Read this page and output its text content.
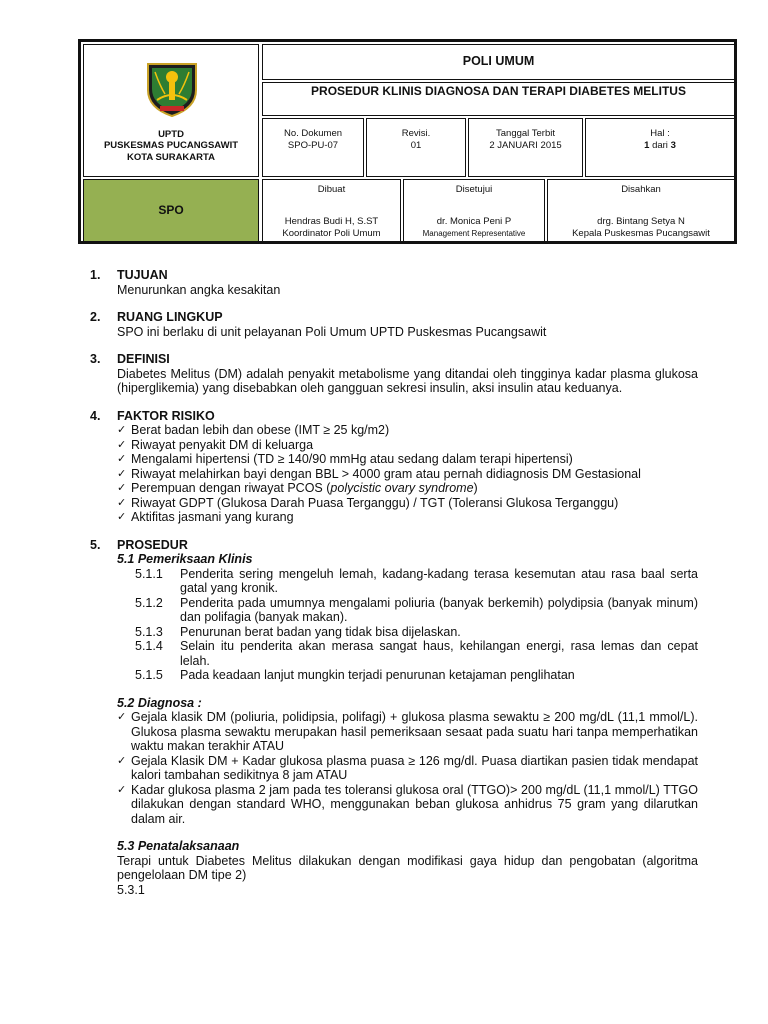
UPTD
PUSKESMAS PUCANGSAWIT
KOTA SURAKARTA
SPO
POLI UMUM
PROSEDUR KLINIS DIAGNOSA DAN TERAPI DIABETES MELITUS
No. Dokumen
SPO-PU-07
Revisi.
01
Tanggal Terbit
2 JANUARI 2015
Hal :
1 dari 3
Dibuat
Hendras Budi H, S.ST
Koordinator Poli Umum
Disetujui
dr. Monica Peni P
Management Representative
Disahkan
drg. Bintang Setya N
Kepala Puskesmas Pucangsawit
1. TUJUAN
Menurunkan angka kesakitan
2. RUANG LINGKUP
SPO ini berlaku di unit pelayanan Poli Umum UPTD Puskesmas Pucangsawit
3. DEFINISI
Diabetes Melitus (DM) adalah penyakit metabolisme yang ditandai oleh tingginya kadar plasma glukosa (hiperglikemia) yang disebabkan oleh gangguan sekresi insulin, aksi insulin atau keduanya.
4. FAKTOR RISIKO
✓ Berat badan lebih dan obese (IMT ≥ 25 kg/m2)
✓ Riwayat penyakit DM di keluarga
✓ Mengalami hipertensi (TD ≥ 140/90 mmHg atau sedang dalam terapi hipertensi)
✓ Riwayat melahirkan bayi dengan BBL > 4000 gram atau pernah didiagnosis DM Gestasional
✓ Perempuan dengan riwayat PCOS (polycistic ovary syndrome)
✓ Riwayat GDPT (Glukosa Darah Puasa Terganggu) / TGT (Toleransi Glukosa Terganggu)
✓ Aktifitas jasmani yang kurang
5. PROSEDUR
5.1 Pemeriksaan Klinis
5.1.1 Penderita sering mengeluh lemah, kadang-kadang terasa kesemutan atau rasa baal serta gatal yang kronik.
5.1.2 Penderita pada umumnya mengalami poliuria (banyak berkemih) polydipsia (banyak minum) dan polifagia (banyak makan).
5.1.3 Penurunan berat badan yang tidak bisa dijelaskan.
5.1.4 Selain itu penderita akan merasa sangat haus, kehilangan energi, rasa lemas dan cepat lelah.
5.1.5 Pada keadaan lanjut mungkin terjadi penurunan ketajaman penglihatan
5.2 Diagnosa :
✓ Gejala klasik DM (poliuria, polidipsia, polifagi) + glukosa plasma sewaktu ≥ 200 mg/dL (11,1 mmol/L). Glukosa plasma sewaktu merupakan hasil pemeriksaan sesaat pada suatu hari tanpa memperhatikan waktu makan terakhir ATAU
✓ Gejala Klasik DM + Kadar glukosa plasma puasa ≥ 126 mg/dl. Puasa diartikan pasien tidak mendapat kalori tambahan sedikitnya 8 jam ATAU
✓ Kadar glukosa plasma 2 jam pada tes toleransi glukosa oral (TTGO)> 200 mg/dL (11,1 mmol/L) TTGO dilakukan dengan standard WHO, menggunakan beban glukosa anhidrus 75 gram yang dilarutkan dalam air.
5.3 Penatalaksanaan
Terapi untuk Diabetes Melitus dilakukan dengan modifikasi gaya hidup dan pengobatan (algoritma pengelolaan DM tipe 2)
5.3.1
